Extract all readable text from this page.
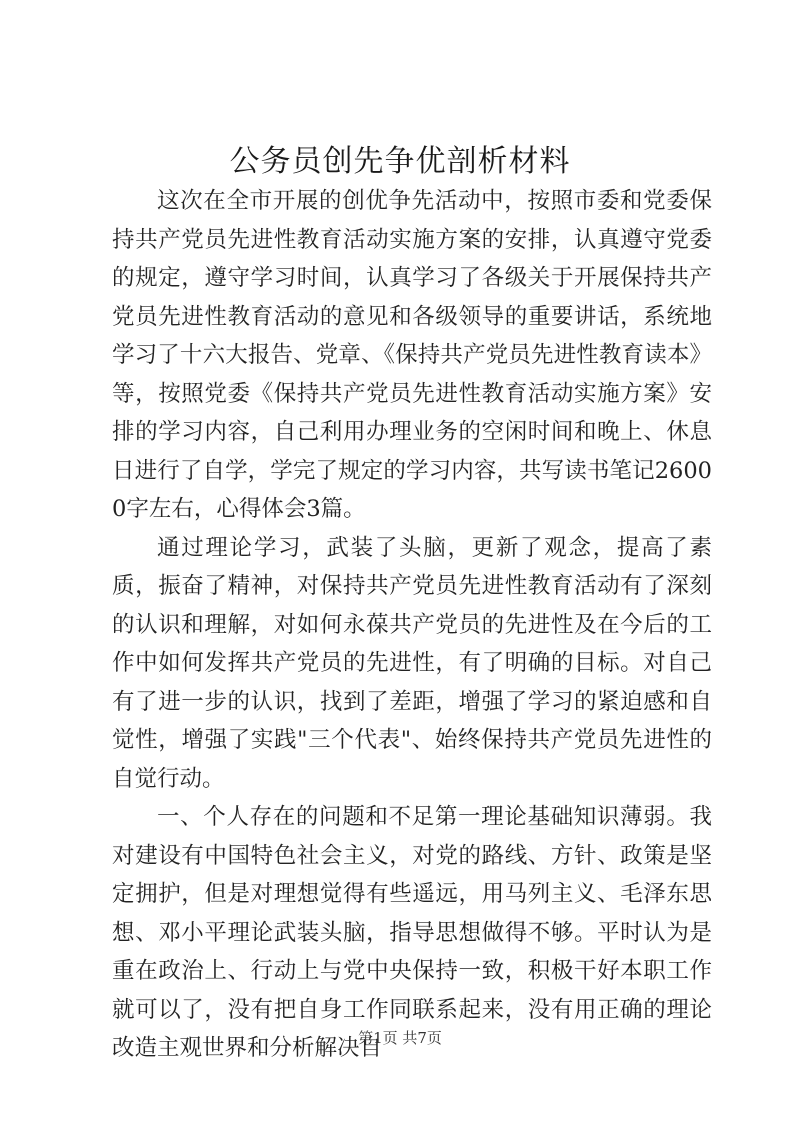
公务员创先争优剖析材料

这次在全市开展的创优争先活动中，按照市委和党委保持共产党员先进性教育活动实施方案的安排，认真遵守党委的规定，遵守学习时间，认真学习了各级关于开展保持共产党员先进性教育活动的意见和各级领导的重要讲话，系统地学习了十六大报告、党章、《保持共产党员先进性教育读本》等，按照党委《保持共产党员先进性教育活动实施方案》安排的学习内容，自己利用办理业务的空闲时间和晚上、休息日进行了自学，学完了规定的学习内容，共写读书笔记26000字左右，心得体会3篇。

通过理论学习，武装了头脑，更新了观念，提高了素质，振奋了精神，对保持共产党员先进性教育活动有了深刻的认识和理解，对如何永葆共产党员的先进性及在今后的工作中如何发挥共产党员的先进性，有了明确的目标。对自己有了进一步的认识，找到了差距，增强了学习的紧迫感和自觉性，增强了实践"三个代表"、始终保持共产党员先进性的自觉行动。

一、个人存在的问题和不足第一理论基础知识薄弱。我对建设有中国特色社会主义，对党的路线、方针、政策是坚定拥护，但是对理想觉得有些遥远，用马列主义、毛泽东思想、邓小平理论武装头脑，指导思想做得不够。平时认为是重在政治上、行动上与党中央保持一致，积极干好本职工作就可以了，没有把自身工作同联系起来，没有用正确的理论改造主观世界和分析解决自

第1页 共7页
